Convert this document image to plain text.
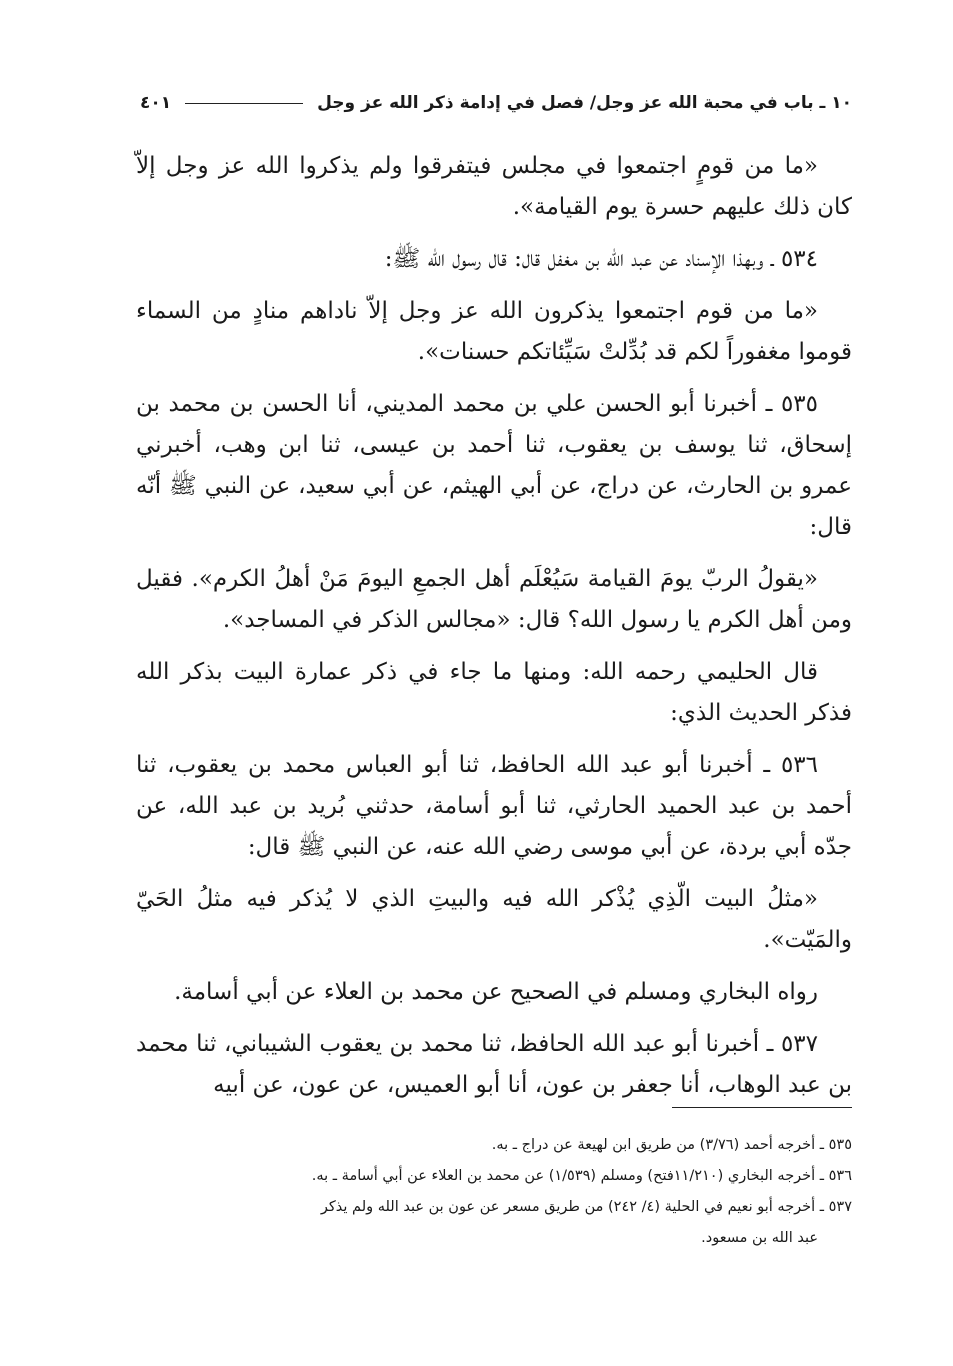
١٠ ـ باب في محبة الله عز وجل/ فصل في إدامة ذكر الله عز وجل
٤٠١

«ما من قومٍ اجتمعوا في مجلس فيتفرقوا ولم يذكروا الله عز وجل إلاّ كان ذلك عليهم حسرة يوم القيامة».

٥٣٤ ـ وبهذا الإسناد عن عبد الله بن مغفل قال: قال رسول الله ﷺ:

«ما من قوم اجتمعوا يذكرون الله عز وجل إلاّ ناداهم منادٍ من السماء قوموا مغفوراً لكم قد بُدِّلتْ سَيِّئاتكم حسنات».

٥٣٥ ـ أخبرنا أبو الحسن علي بن محمد المديني، أنا الحسن بن محمد بن إسحاق، ثنا يوسف بن يعقوب، ثنا أحمد بن عيسى، ثنا ابن وهب، أخبرني عمرو بن الحارث، عن دراج، عن أبي الهيثم، عن أبي سعيد، عن النبي ﷺ أنّه قال:

«يقولُ الربّ يومَ القيامة سَيُعْلَم أهل الجمعِ اليومَ مَنْ أهلُ الكرم». فقيل ومن أهل الكرم يا رسول الله؟ قال: «مجالس الذكر في المساجد».

قال الحليمي رحمه الله: ومنها ما جاء في ذكر عمارة البيت بذكر الله فذكر الحديث الذي:

٥٣٦ ـ أخبرنا أبو عبد الله الحافظ، ثنا أبو العباس محمد بن يعقوب، ثنا أحمد بن عبد الحميد الحارثي، ثنا أبو أسامة، حدثني بُريد بن عبد الله، عن جدّه أبي بردة، عن أبي موسى رضي الله عنه، عن النبي ﷺ قال:

«مثلُ البيت الّذِي يُذْكر الله فيه والبيتِ الذي لا يُذكر فيه مثلُ الحَيّ والمَيّت».

رواه البخاري ومسلم في الصحيح عن محمد بن العلاء عن أبي أسامة.

٥٣٧ ـ أخبرنا أبو عبد الله الحافظ، ثنا محمد بن يعقوب الشيباني، ثنا محمد بن عبد الوهاب، أنا جعفر بن عون، أنا أبو العميس، عن عون، عن أبيه

٥٣٥ ـ أخرجه أحمد (٣/٧٦) من طريق ابن لهيعة عن دراج ـ به.

٥٣٦ ـ أخرجه البخاري (١١/٢١٠فتح) ومسلم (١/٥٣٩) عن محمد بن العلاء عن أبي أسامة ـ به.

٥٣٧ ـ أخرجه أبو نعيم في الحلية (٤/ ٢٤٢) من طريق مسعر عن عون بن عبد الله ولم يذكر

عبد الله بن مسعود.
